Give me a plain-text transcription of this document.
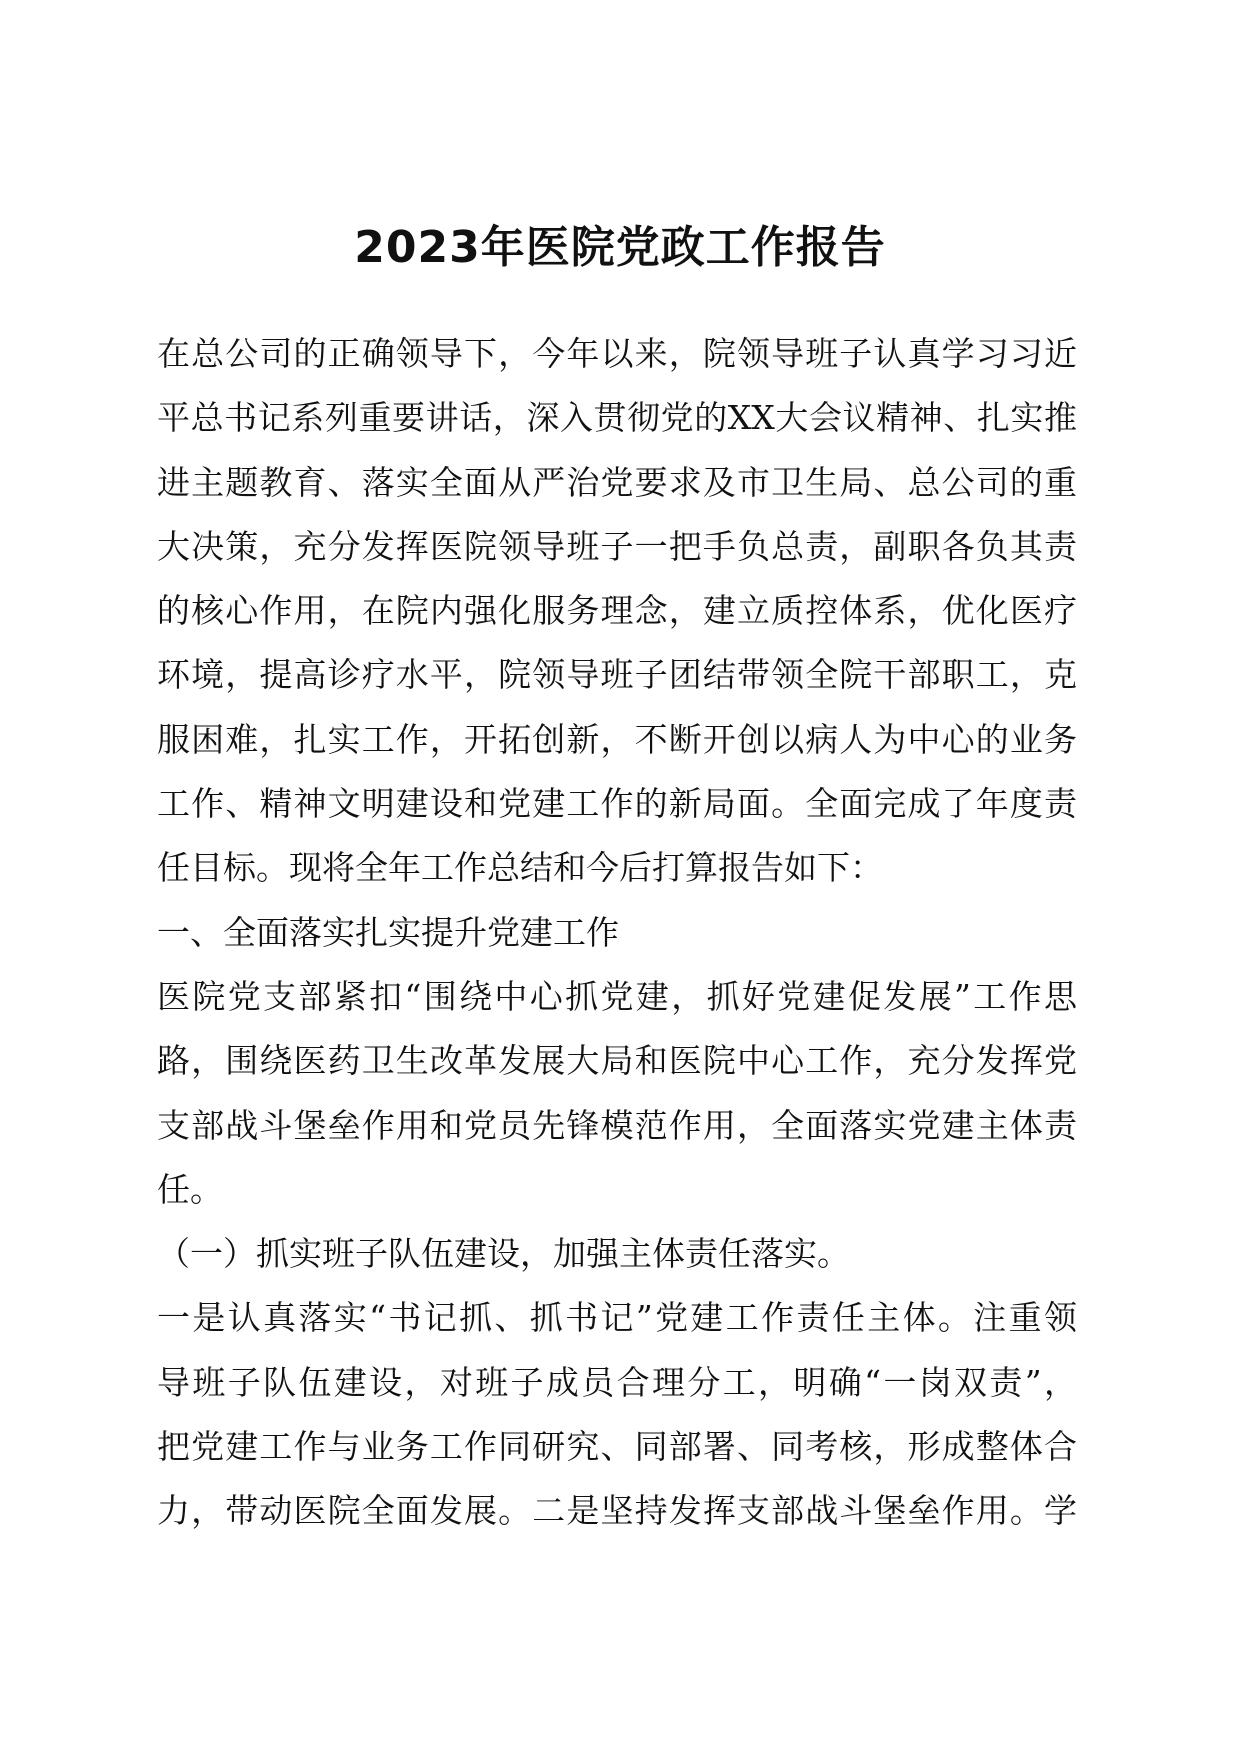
2023年医院党政工作报告
在总公司的正确领导下，今年以来，院领导班子认真学习习近
平总书记系列重要讲话，深入贯彻党的XX大会议精神、扎实推
进主题教育、落实全面从严治党要求及市卫生局、总公司的重
大决策，充分发挥医院领导班子一把手负总责，副职各负其责
的核心作用，在院内强化服务理念，建立质控体系，优化医疗
环境，提高诊疗水平，院领导班子团结带领全院干部职工，克
服困难，扎实工作，开拓创新，不断开创以病人为中心的业务
工作、精神文明建设和党建工作的新局面。全面完成了年度责
任目标。现将全年工作总结和今后打算报告如下：
一、全面落实扎实提升党建工作
医院党支部紧扣“围绕中心抓党建，抓好党建促发展”工作思
路，围绕医药卫生改革发展大局和医院中心工作，充分发挥党
支部战斗堡垒作用和党员先锋模范作用，全面落实党建主体责
任。
（一）抓实班子队伍建设，加强主体责任落实。
一是认真落实“书记抓、抓书记”党建工作责任主体。注重领
导班子队伍建设，对班子成员合理分工，明确“一岗双责”，
把党建工作与业务工作同研究、同部署、同考核，形成整体合
力，带动医院全面发展。二是坚持发挥支部战斗堡垒作用。学
